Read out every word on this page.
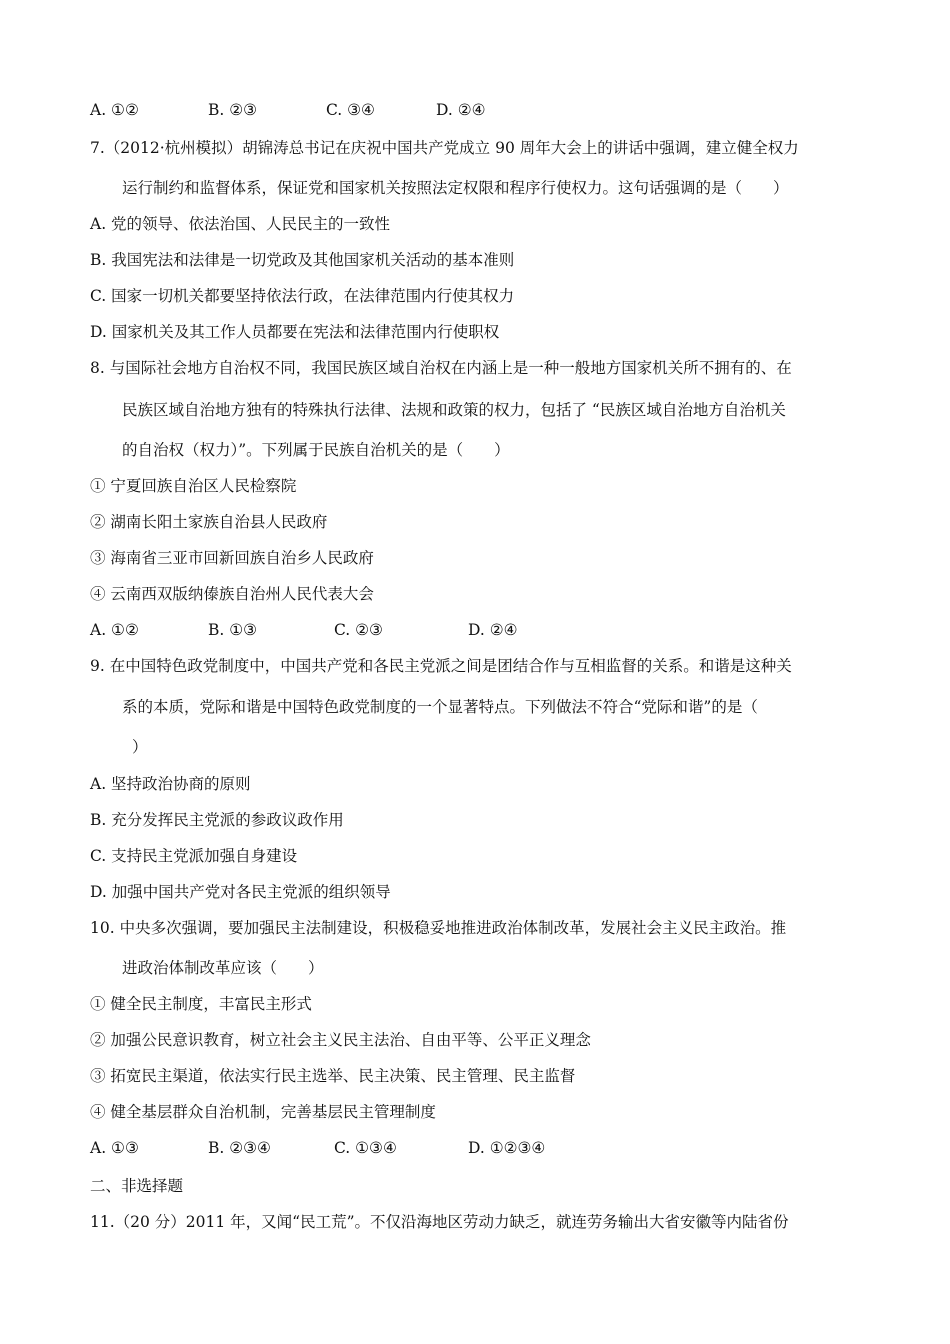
A. ①②	B. ②③	C. ③④	D. ②④
7.（2012·杭州模拟）胡锦涛总书记在庆祝中国共产党成立 90 周年大会上的讲话中强调，建立健全权力
运行制约和监督体系，保证党和国家机关按照法定权限和程序行使权力。这句话强调的是（　　）
A. 党的领导、依法治国、人民民主的一致性
B. 我国宪法和法律是一切党政及其他国家机关活动的基本准则
C. 国家一切机关都要坚持依法行政，在法律范围内行使其权力
D. 国家机关及其工作人员都要在宪法和法律范围内行使职权
8. 与国际社会地方自治权不同，我国民族区域自治权在内涵上是一种一般地方国家机关所不拥有的、在
民族区域自治地方独有的特殊执行法律、法规和政策的权力，包括了 “民族区域自治地方自治机关
的自治权（权力）”。下列属于民族自治机关的是（　　）
① 宁夏回族自治区人民检察院
② 湖南长阳土家族自治县人民政府
③ 海南省三亚市回新回族自治乡人民政府
④ 云南西双版纳傣族自治州人民代表大会
A. ①②	B. ①③	C. ②③	D. ②④
9. 在中国特色政党制度中，中国共产党和各民主党派之间是团结合作与互相监督的关系。和谐是这种关
系的本质，党际和谐是中国特色政党制度的一个显著特点。下列做法不符合“党际和谐”的是（
）
A. 坚持政治协商的原则
B. 充分发挥民主党派的参政议政作用
C. 支持民主党派加强自身建设
D. 加强中国共产党对各民主党派的组织领导
10. 中央多次强调，要加强民主法制建设，积极稳妥地推进政治体制改革，发展社会主义民主政治。推
进政治体制改革应该（　　）
① 健全民主制度，丰富民主形式
② 加强公民意识教育，树立社会主义民主法治、自由平等、公平正义理念
③ 拓宽民主渠道，依法实行民主选举、民主决策、民主管理、民主监督
④ 健全基层群众自治机制，完善基层民主管理制度
A. ①③	B. ②③④	C. ①③④	D. ①②③④
二、非选择题
11.（20 分）2011 年，又闻“民工荒”。不仅沿海地区劳动力缺乏，就连劳务输出大省安徽等内陆省份
